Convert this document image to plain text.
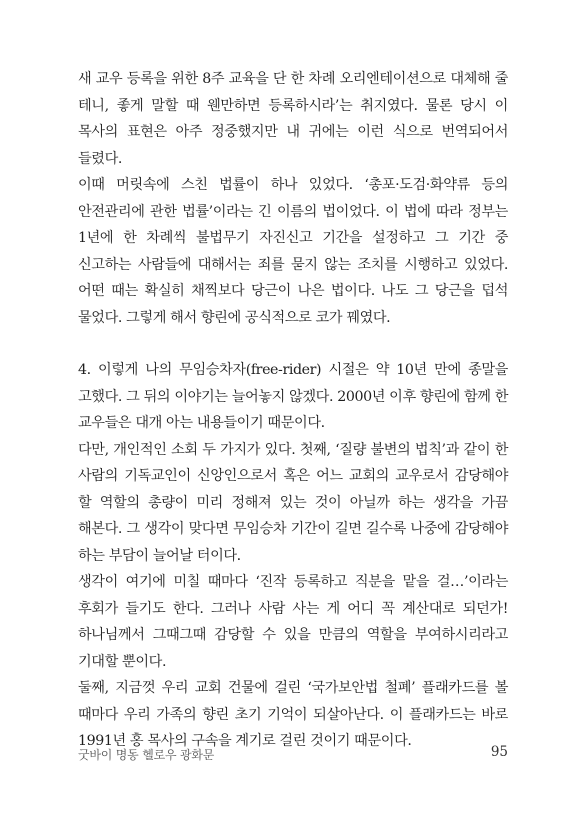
새 교우 등록을 위한 8주 교육을 단 한 차례 오리엔테이션으로 대체해 줄 테니, 좋게 말할 때 웬만하면 등록하시라’는 취지였다. 물론 당시 이 목사의 표현은 아주 정중했지만 내 귀에는 이런 식으로 번역되어서 들렸다.

이때 머릿속에 스친 법률이 하나 있었다. ‘총포·도검·화약류 등의 안전관리에 관한 법률’이라는 긴 이름의 법이었다. 이 법에 따라 정부는 1년에 한 차례씩 불법무기 자진신고 기간을 설정하고 그 기간 중 신고하는 사람들에 대해서는 죄를 묻지 않는 조치를 시행하고 있었다. 어떤 때는 확실히 채찍보다 당근이 나은 법이다. 나도 그 당근을 덥석 물었다. 그렇게 해서 향린에 공식적으로 코가 꿰였다.

4. 이렇게 나의 무임승차자(free-rider) 시절은 약 10년 만에 종말을 고했다. 그 뒤의 이야기는 늘어놓지 않겠다. 2000년 이후 향린에 함께 한 교우들은 대개 아는 내용들이기 때문이다.

다만, 개인적인 소회 두 가지가 있다. 첫째, ‘질량 불변의 법칙’과 같이 한 사람의 기독교인이 신앙인으로서 혹은 어느 교회의 교우로서 감당해야 할 역할의 총량이 미리 정해져 있는 것이 아닐까 하는 생각을 가끔 해본다. 그 생각이 맞다면 무임승차 기간이 길면 길수록 나중에 감당해야 하는 부담이 늘어날 터이다.

생각이 여기에 미칠 때마다 ‘진작 등록하고 직분을 맡을 걸…’이라는 후회가 들기도 한다. 그러나 사람 사는 게 어디 꼭 계산대로 되던가! 하나님께서 그때그때 감당할 수 있을 만큼의 역할을 부여하시리라고 기대할 뿐이다.

둘째, 지금껏 우리 교회 건물에 걸린 ‘국가보안법 철폐’ 플래카드를 볼 때마다 우리 가족의 향린 초기 기억이 되살아난다. 이 플래카드는 바로 1991년 홍 목사의 구속을 계기로 걸린 것이기 때문이다.

굿바이 명동 헬로우 광화문	95
